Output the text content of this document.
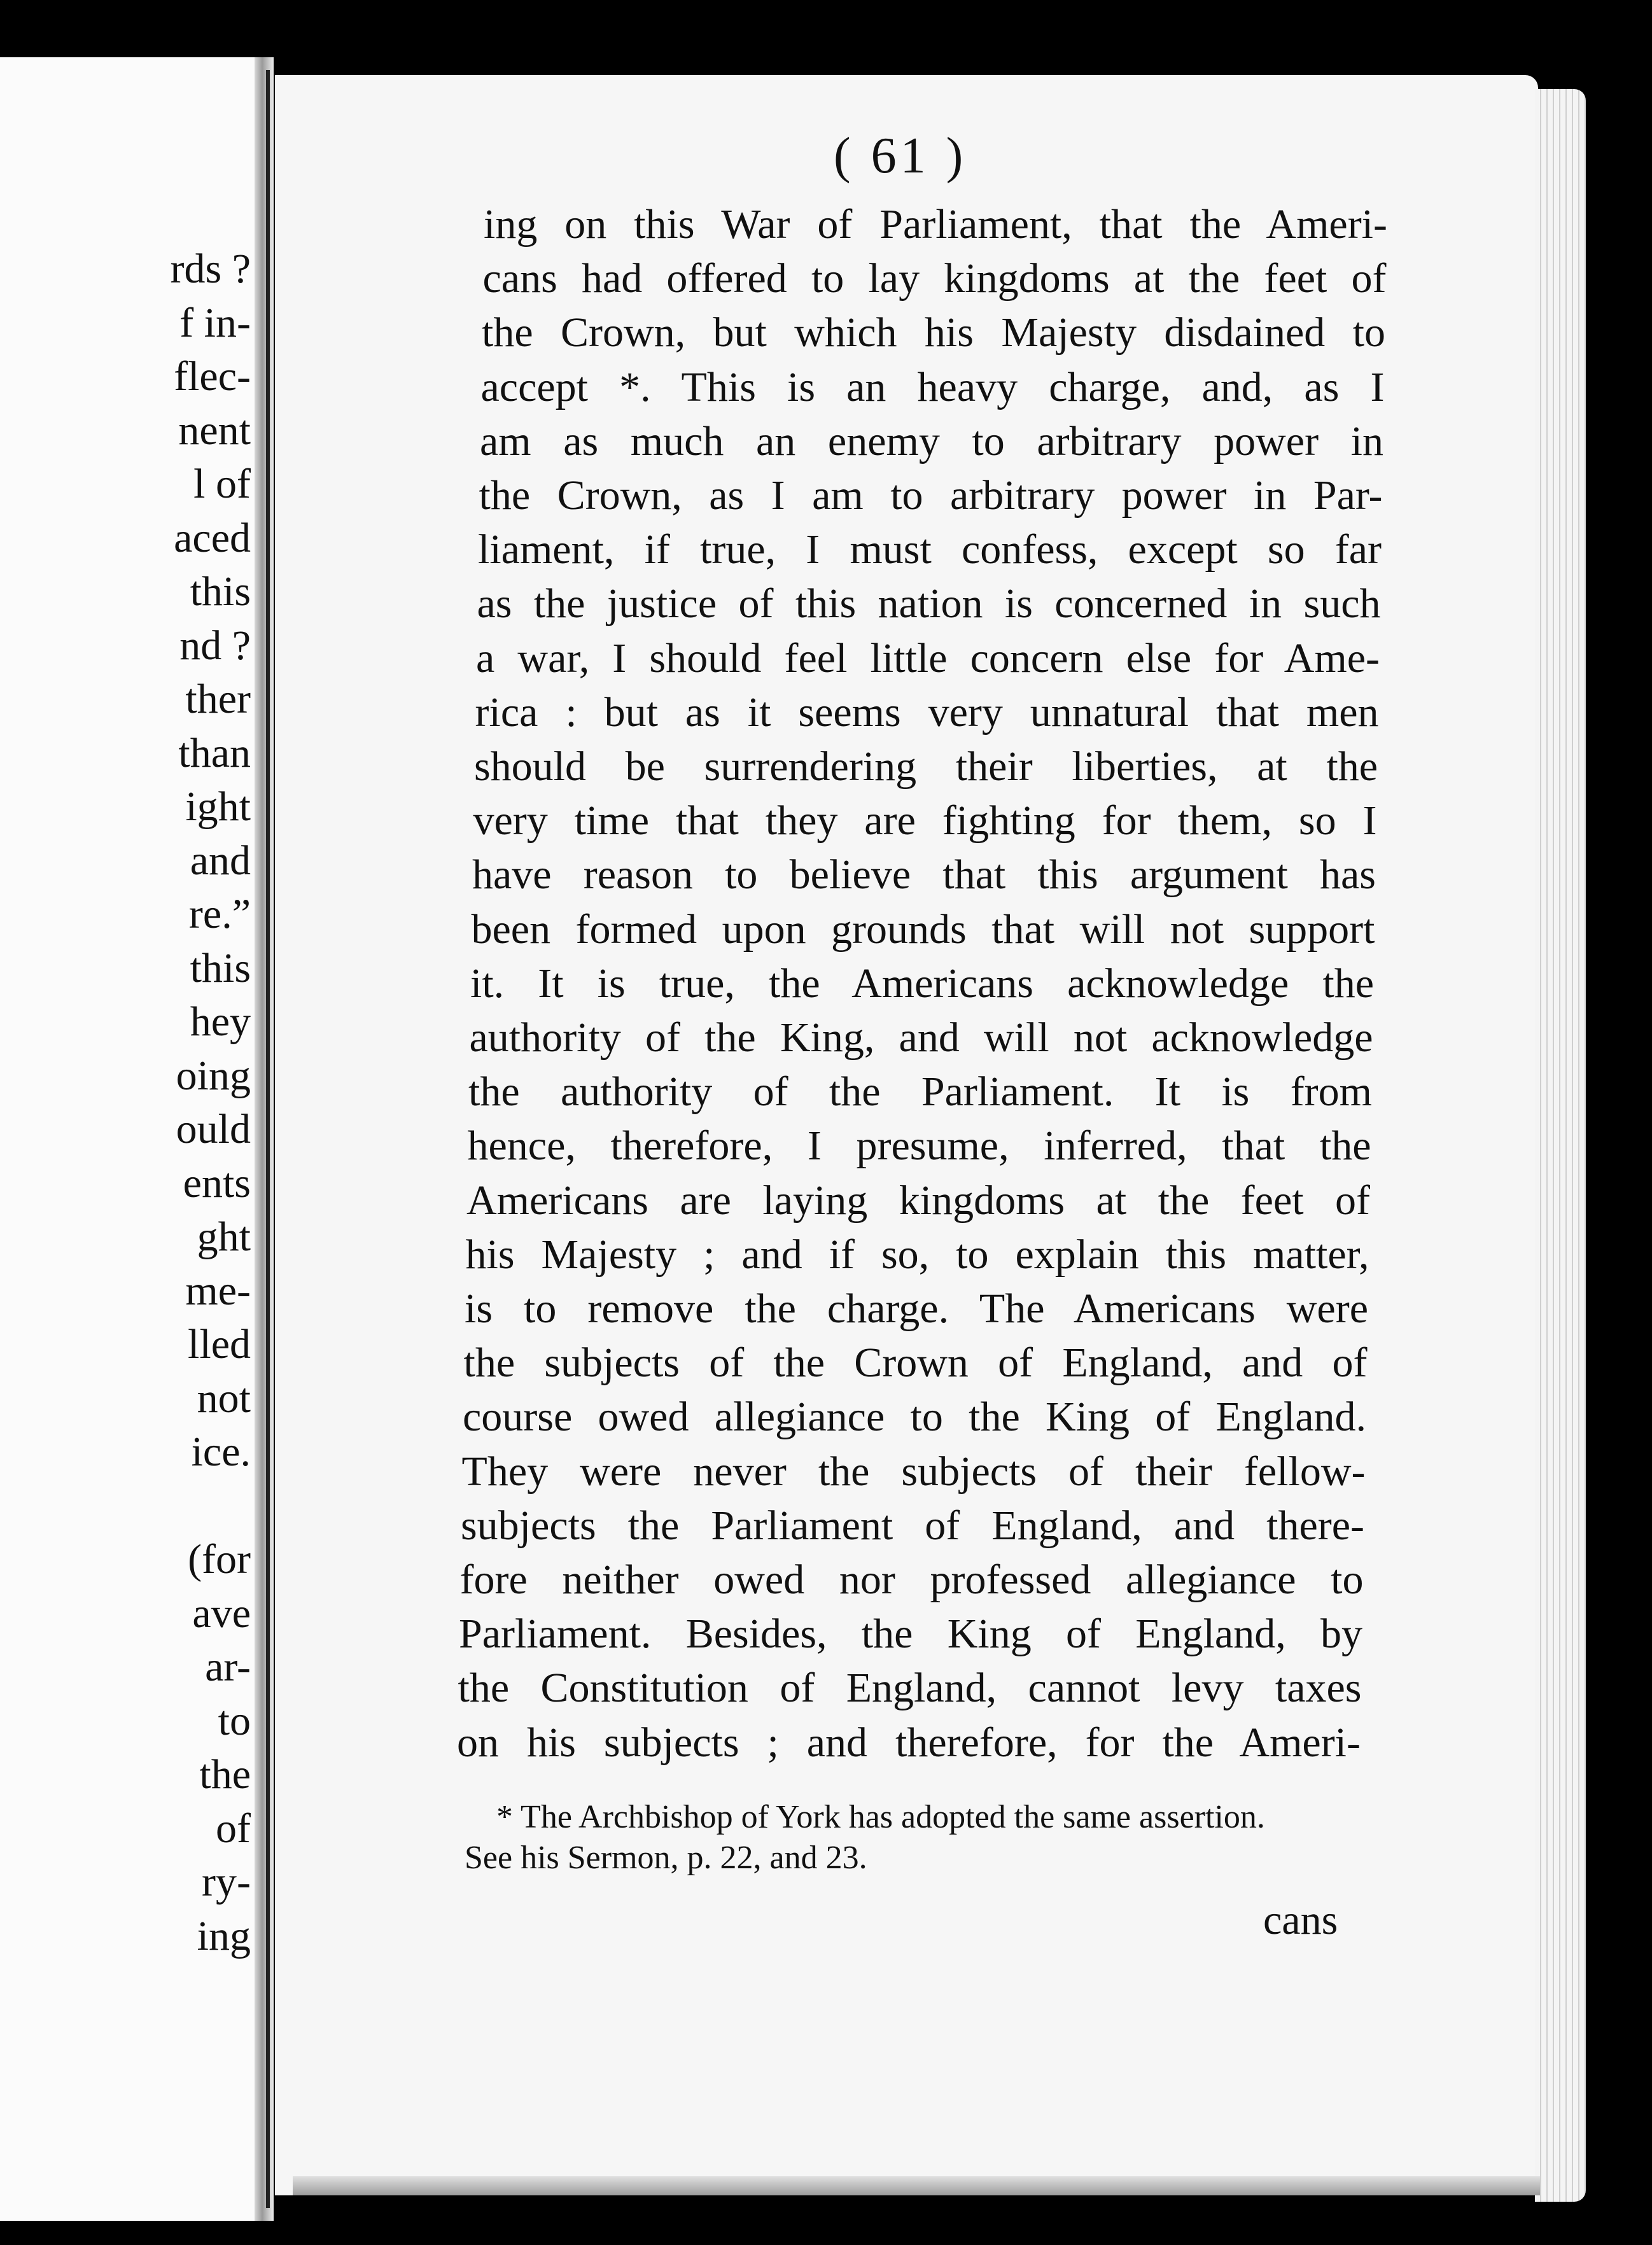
rds ?
f in-
flec-
nent
l of
aced
this
nd ?
ther
than
ight
and
re.”
this
hey
oing
ould
ents
ght
me-
lled
not
ice.
(for
ave
ar-
to
the
of
ry-
ing
( 61 )
ing on this War of Parliament, that the Ameri-
cans had offered to lay kingdoms at the feet of
the Crown, but which his Majesty disdained to
accept *. This is an heavy charge, and, as I
am as much an enemy to arbitrary power in
the Crown, as I am to arbitrary power in Par-
liament, if true, I must confess, except so far
as the justice of this nation is concerned in such
a war, I should feel little concern else for Ame-
rica : but as it seems very unnatural that men
should be surrendering their liberties, at the
very time that they are fighting for them, so I
have reason to believe that this argument has
been formed upon grounds that will not support
it. It is true, the Americans acknowledge the
authority of the King, and will not acknowledge
the authority of the Parliament. It is from
hence, therefore, I presume, inferred, that the
Americans are laying kingdoms at the feet of
his Majesty ; and if so, to explain this matter,
is to remove the charge. The Americans were
the subjects of the Crown of England, and of
course owed allegiance to the King of England.
They were never the subjects of their fellow-
subjects the Parliament of England, and there-
fore neither owed nor professed allegiance to
Parliament. Besides, the King of England, by
the Constitution of England, cannot levy taxes
on his subjects ; and therefore, for the Ameri-
* The Archbishop of York has adopted the same assertion.
See his Sermon, p. 22, and 23.
cans
